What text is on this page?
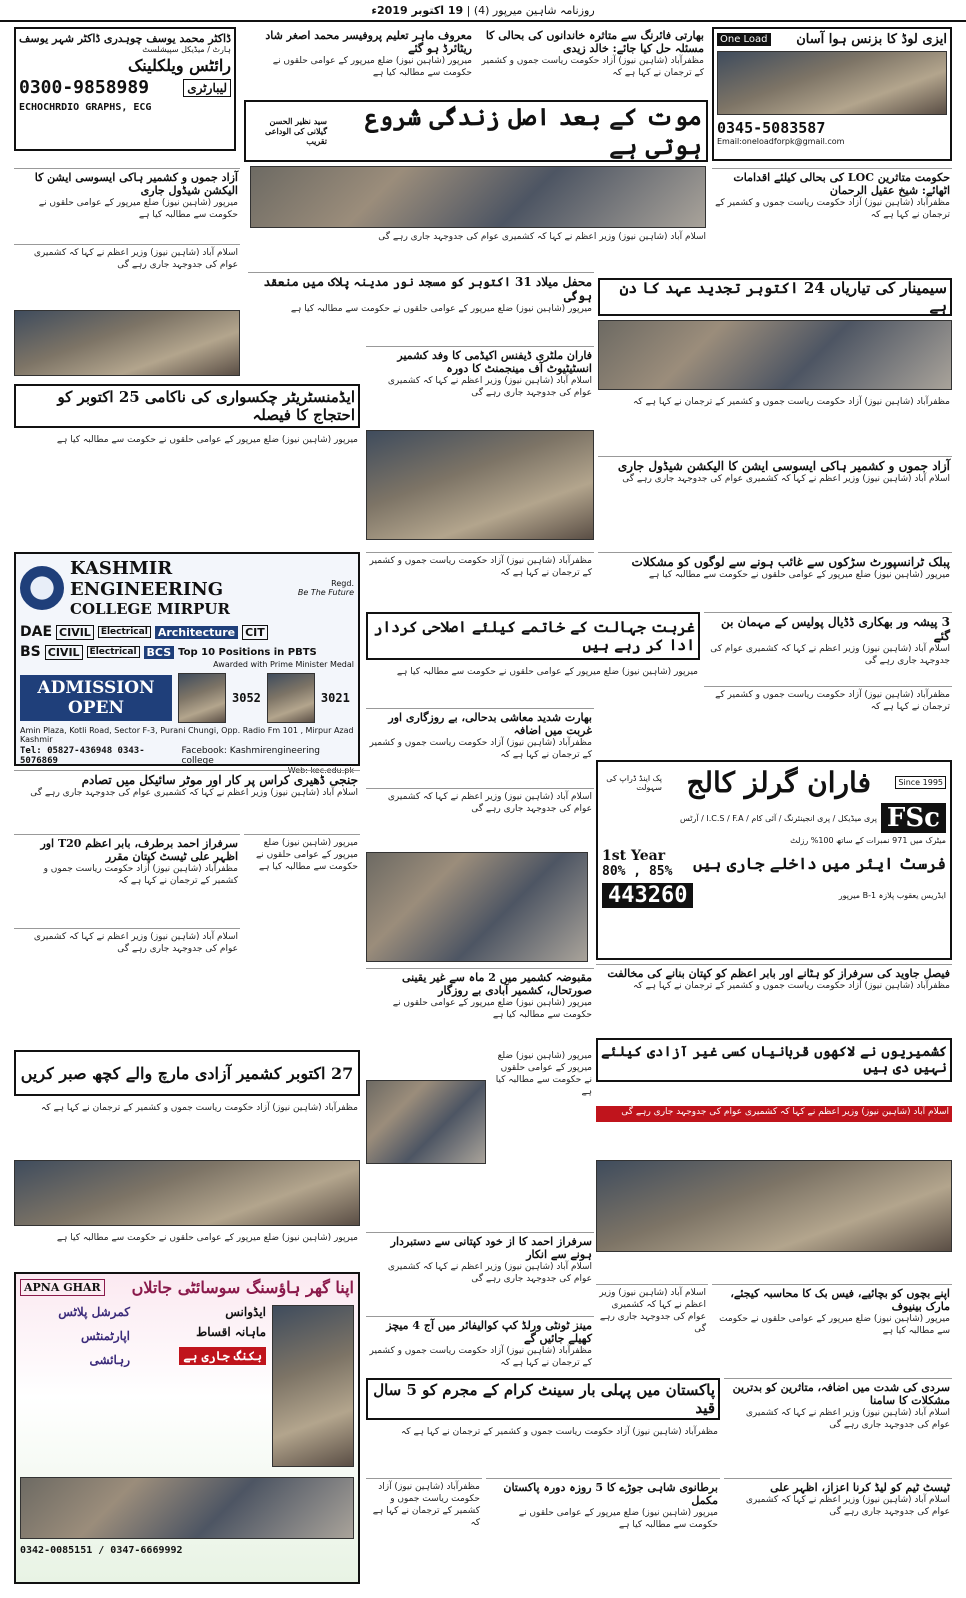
روزنامہ شاہین میرپور (4)
|
19 اکتوبر 2019ء
ڈاکٹر محمد یوسف چوہدری
ڈاکٹر شہر یوسف
ہارٹ / میڈیکل سپیشلسٹ
رائٹس ویلکلینک
0300-9858989	لیبارٹری
ECHOCHRDIO GRAPHS, ECG
معروف ماہر تعلیم پروفیسر محمد اصغر شاد ریٹائرڈ ہو گئے
میرپور (شاہین نیوز) ضلع میرپور کے عوامی حلقوں نے حکومت سے مطالبہ کیا ہے
بھارتی فائرنگ سے متاثرہ خاندانوں کی بحالی کا مسئلہ حل کیا جائے: خالد زیدی
مظفرآباد (شاہین نیوز) آزاد حکومت ریاست جموں و کشمیر کے ترجمان نے کہا ہے کہ
ایزی لوڈ کا بزنس ہوا آسان
One Load
0345-5083587
Email:oneloadforpk@gmail.com
موت کے بعد اصل زندگی شروع ہوتی ہے
سید نظیر الحسن گیلانی کی الوداعی تقریب
آزاد جموں و کشمیر ہاکی ایسوسی ایشن کا الیکشن شیڈول جاری
میرپور (شاہین نیوز) ضلع میرپور کے عوامی حلقوں نے حکومت سے مطالبہ کیا ہے
اسلام آباد (شاہین نیوز) وزیر اعظم نے کہا کہ کشمیری عوام کی جدوجہد جاری رہے گی
حکومت متاثرین LOC کی بحالی کیلئے اقدامات اٹھائے: شیخ عقیل الرحمان
مظفرآباد (شاہین نیوز) آزاد حکومت ریاست جموں و کشمیر کے ترجمان نے کہا ہے کہ
اسلام آباد (شاہین نیوز) وزیر اعظم نے کہا کہ کشمیری عوام کی جدوجہد جاری رہے گی
محفل میلاد 31 اکتوبر کو مسجد نور مدینہ پلاک میں منعقد ہوگی
میرپور (شاہین نیوز) ضلع میرپور کے عوامی حلقوں نے حکومت سے مطالبہ کیا ہے
سیمینار کی تیاریاں 24 اکتوبر تجدید عہد کا دن ہے
مظفرآباد (شاہین نیوز) آزاد حکومت ریاست جموں و کشمیر کے ترجمان نے کہا ہے کہ
فاران ملٹری ڈیفنس اکیڈمی کا وفد کشمیر انسٹیٹیوٹ آف مینجمنٹ کا دورہ
اسلام آباد (شاہین نیوز) وزیر اعظم نے کہا کہ کشمیری عوام کی جدوجہد جاری رہے گی
ایڈمنسٹریٹر چکسواری کی ناکامی 25 اکتوبر کو احتجاج کا فیصلہ
میرپور (شاہین نیوز) ضلع میرپور کے عوامی حلقوں نے حکومت سے مطالبہ کیا ہے
آزاد جموں و کشمیر ہاکی ایسوسی ایشن کا الیکشن شیڈول جاری
اسلام آباد (شاہین نیوز) وزیر اعظم نے کہا کہ کشمیری عوام کی جدوجہد جاری رہے گی
KASHMIR ENGINEERING
COLLEGE MIRPUR
Regd.
Be The Future
DAE CIVIL	Electrical Architecture CIT
BS CIVIL	Electrical BCS Top 10 Positions in PBTS
Awarded with Prime Minister Medal
ADMISSION
OPEN	3052	3021
Amin Plaza, Kotli Road, Sector F-3, Purani Chungi, Opp. Radio Fm 101 , Mirpur Azad Kashmir
Tel: 05827-436948 0343-5076869
Facebook: Kashmirengineering college
Web: kec.edu.pk
پبلک ٹرانسپورٹ سڑکوں سے غائب ہونے سے لوگوں کو مشکلات
میرپور (شاہین نیوز) ضلع میرپور کے عوامی حلقوں نے حکومت سے مطالبہ کیا ہے
مظفرآباد (شاہین نیوز) آزاد حکومت ریاست جموں و کشمیر کے ترجمان نے کہا ہے کہ
غربت جہالت کے خاتمے کیلئے اصلاحی کردار ادا کر رہے ہیں
3 پیشہ ور بھکاری ڈڈیال پولیس کے مہمان بن گئے
اسلام آباد (شاہین نیوز) وزیر اعظم نے کہا کہ کشمیری عوام کی جدوجہد جاری رہے گی
میرپور (شاہین نیوز) ضلع میرپور کے عوامی حلقوں نے حکومت سے مطالبہ کیا ہے
بھارت شدید معاشی بدحالی، بے روزگاری اور غربت میں اضافہ
مظفرآباد (شاہین نیوز) آزاد حکومت ریاست جموں و کشمیر کے ترجمان نے کہا ہے کہ
مظفرآباد (شاہین نیوز) آزاد حکومت ریاست جموں و کشمیر کے ترجمان نے کہا ہے کہ
Since 1995
فاران گرلز کالج
پک اینڈ ڈراپ کی سہولت
FSc
پری میڈیکل / پری انجینئرنگ / آئی کام / I.C.S / F.A / آرٹس
میٹرک میں 971 نمبرات کے ساتھ 100% رزلٹ
فرسٹ ایئر میں داخلے جاری ہیں
1st Year
80% , 85%
ایڈریس یعقوب پلازہ B-1 میرپور
443260
جنجی ڈھیری کراس پر کار اور موٹر سائیکل میں تصادم
اسلام آباد (شاہین نیوز) وزیر اعظم نے کہا کہ کشمیری عوام کی جدوجہد جاری رہے گی
سرفراز احمد برطرف، بابر اعظم T20 اور اظہر علی ٹیسٹ کپتان مقرر
مظفرآباد (شاہین نیوز) آزاد حکومت ریاست جموں و کشمیر کے ترجمان نے کہا ہے کہ
میرپور (شاہین نیوز) ضلع میرپور کے عوامی حلقوں نے حکومت سے مطالبہ کیا ہے
اسلام آباد (شاہین نیوز) وزیر اعظم نے کہا کہ کشمیری عوام کی جدوجہد جاری رہے گی
اسلام آباد (شاہین نیوز) وزیر اعظم نے کہا کہ کشمیری عوام کی جدوجہد جاری رہے گی
فیصل جاوید کی سرفراز کو ہٹانے اور بابر اعظم کو کپتان بنانے کی مخالفت
مظفرآباد (شاہین نیوز) آزاد حکومت ریاست جموں و کشمیر کے ترجمان نے کہا ہے کہ
مقبوضہ کشمیر میں 2 ماہ سے غیر یقینی صورتحال، کشمیر آبادی بے روزگار
میرپور (شاہین نیوز) ضلع میرپور کے عوامی حلقوں نے حکومت سے مطالبہ کیا ہے
27 اکتوبر کشمیر آزادی مارچ والے کچھ صبر کریں
کشمیریوں نے لاکھوں قربانیاں کسی غیر آزادی کیلئے نہیں دی ہیں
اسلام آباد (شاہین نیوز) وزیر اعظم نے کہا کہ کشمیری عوام کی جدوجہد جاری رہے گی
مظفرآباد (شاہین نیوز) آزاد حکومت ریاست جموں و کشمیر کے ترجمان نے کہا ہے کہ
میرپور (شاہین نیوز) ضلع میرپور کے عوامی حلقوں نے حکومت سے مطالبہ کیا ہے
سرفراز احمد کا از خود کپتانی سے دستبردار ہونے سے انکار
اسلام آباد (شاہین نیوز) وزیر اعظم نے کہا کہ کشمیری عوام کی جدوجہد جاری رہے گی
میرپور (شاہین نیوز) ضلع میرپور کے عوامی حلقوں نے حکومت سے مطالبہ کیا ہے
مینز ٹونٹی ورلڈ کپ کوالیفائر میں آج 4 میچز کھیلے جائیں گے
مظفرآباد (شاہین نیوز) آزاد حکومت ریاست جموں و کشمیر کے ترجمان نے کہا ہے کہ
اپنے بچوں کو بچائیے، فیس بک کا محاسبہ کیجئے، مارک بینیوف
میرپور (شاہین نیوز) ضلع میرپور کے عوامی حلقوں نے حکومت سے مطالبہ کیا ہے
اسلام آباد (شاہین نیوز) وزیر اعظم نے کہا کہ کشمیری عوام کی جدوجہد جاری رہے گی
اپنا گھر ہاؤسنگ سوسائٹی جاتلاں
APNA GHAR
کمرشل پلاٹس
اپارٹمنٹس
رہائشی
ایڈوانس
ماہانہ اقساط
بکنگ جاری ہے
0342-0085151 / 0347-6669992
پاکستان میں پہلی بار سینٹ کرام کے مجرم کو 5 سال قید
سردی کی شدت میں اضافہ، متاثرین کو بدترین مشکلات کا سامنا
اسلام آباد (شاہین نیوز) وزیر اعظم نے کہا کہ کشمیری عوام کی جدوجہد جاری رہے گی
مظفرآباد (شاہین نیوز) آزاد حکومت ریاست جموں و کشمیر کے ترجمان نے کہا ہے کہ
برطانوی شاہی جوڑے کا 5 روزہ دورہ پاکستان مکمل
میرپور (شاہین نیوز) ضلع میرپور کے عوامی حلقوں نے حکومت سے مطالبہ کیا ہے
ٹیسٹ ٹیم کو لیڈ کرنا اعزاز، اظہر علی
اسلام آباد (شاہین نیوز) وزیر اعظم نے کہا کہ کشمیری عوام کی جدوجہد جاری رہے گی
مظفرآباد (شاہین نیوز) آزاد حکومت ریاست جموں و کشمیر کے ترجمان نے کہا ہے کہ
